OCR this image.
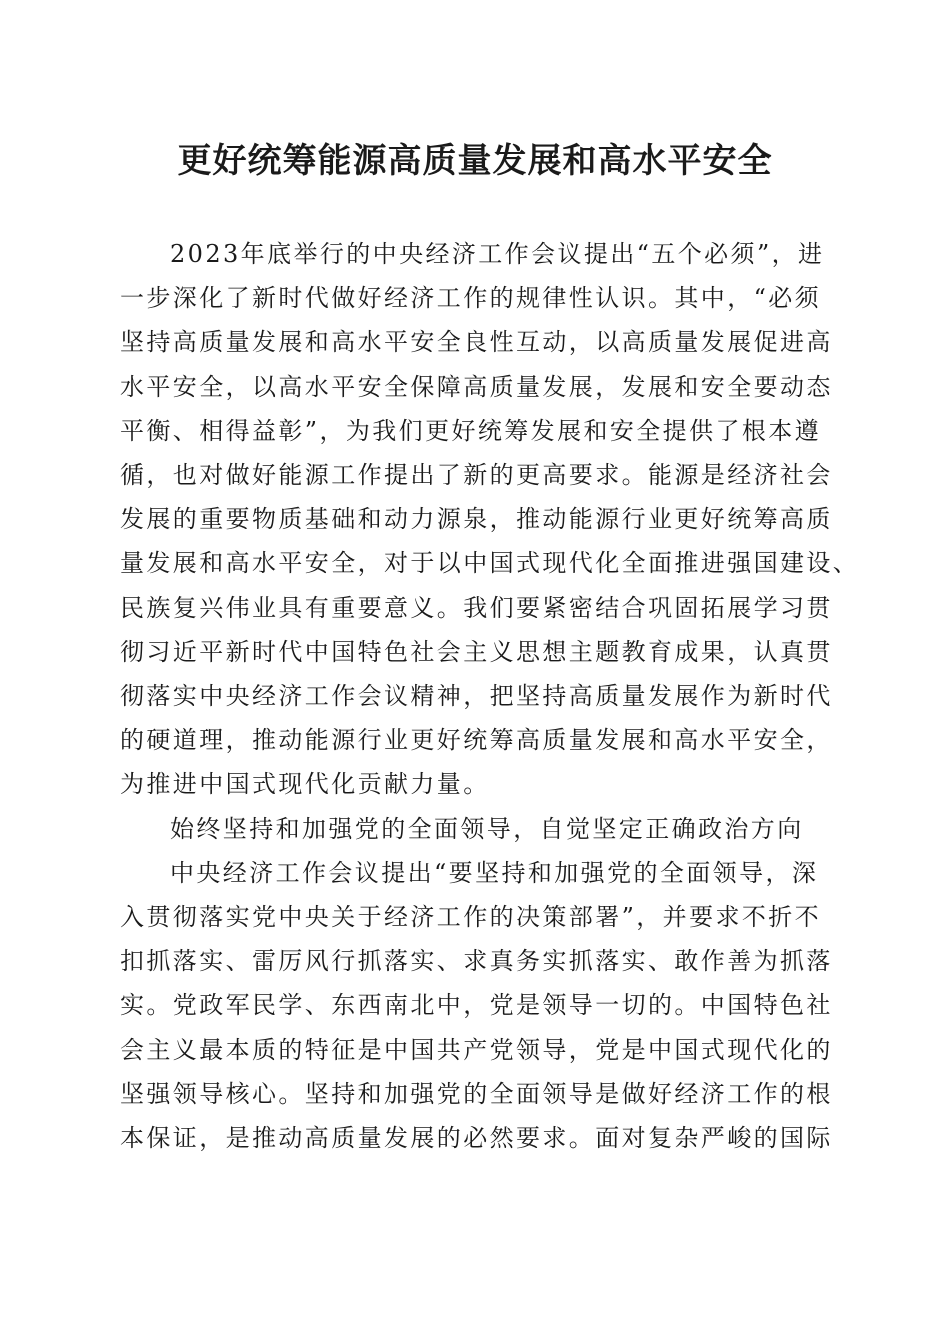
更好统筹能源高质量发展和高水平安全
2023年底举行的中央经济工作会议提出“五个必须”，进
一步深化了新时代做好经济工作的规律性认识。其中，“必须
坚持高质量发展和高水平安全良性互动，以高质量发展促进高
水平安全，以高水平安全保障高质量发展，发展和安全要动态
平衡、相得益彰”，为我们更好统筹发展和安全提供了根本遵
循，也对做好能源工作提出了新的更高要求。能源是经济社会
发展的重要物质基础和动力源泉，推动能源行业更好统筹高质
量发展和高水平安全，对于以中国式现代化全面推进强国建设、
民族复兴伟业具有重要意义。我们要紧密结合巩固拓展学习贯
彻习近平新时代中国特色社会主义思想主题教育成果，认真贯
彻落实中央经济工作会议精神，把坚持高质量发展作为新时代
的硬道理，推动能源行业更好统筹高质量发展和高水平安全，
为推进中国式现代化贡献力量。
始终坚持和加强党的全面领导，自觉坚定正确政治方向
中央经济工作会议提出“要坚持和加强党的全面领导，深
入贯彻落实党中央关于经济工作的决策部署”，并要求不折不
扣抓落实、雷厉风行抓落实、求真务实抓落实、敢作善为抓落
实。党政军民学、东西南北中，党是领导一切的。中国特色社
会主义最本质的特征是中国共产党领导，党是中国式现代化的
坚强领导核心。坚持和加强党的全面领导是做好经济工作的根
本保证，是推动高质量发展的必然要求。面对复杂严峻的国际
